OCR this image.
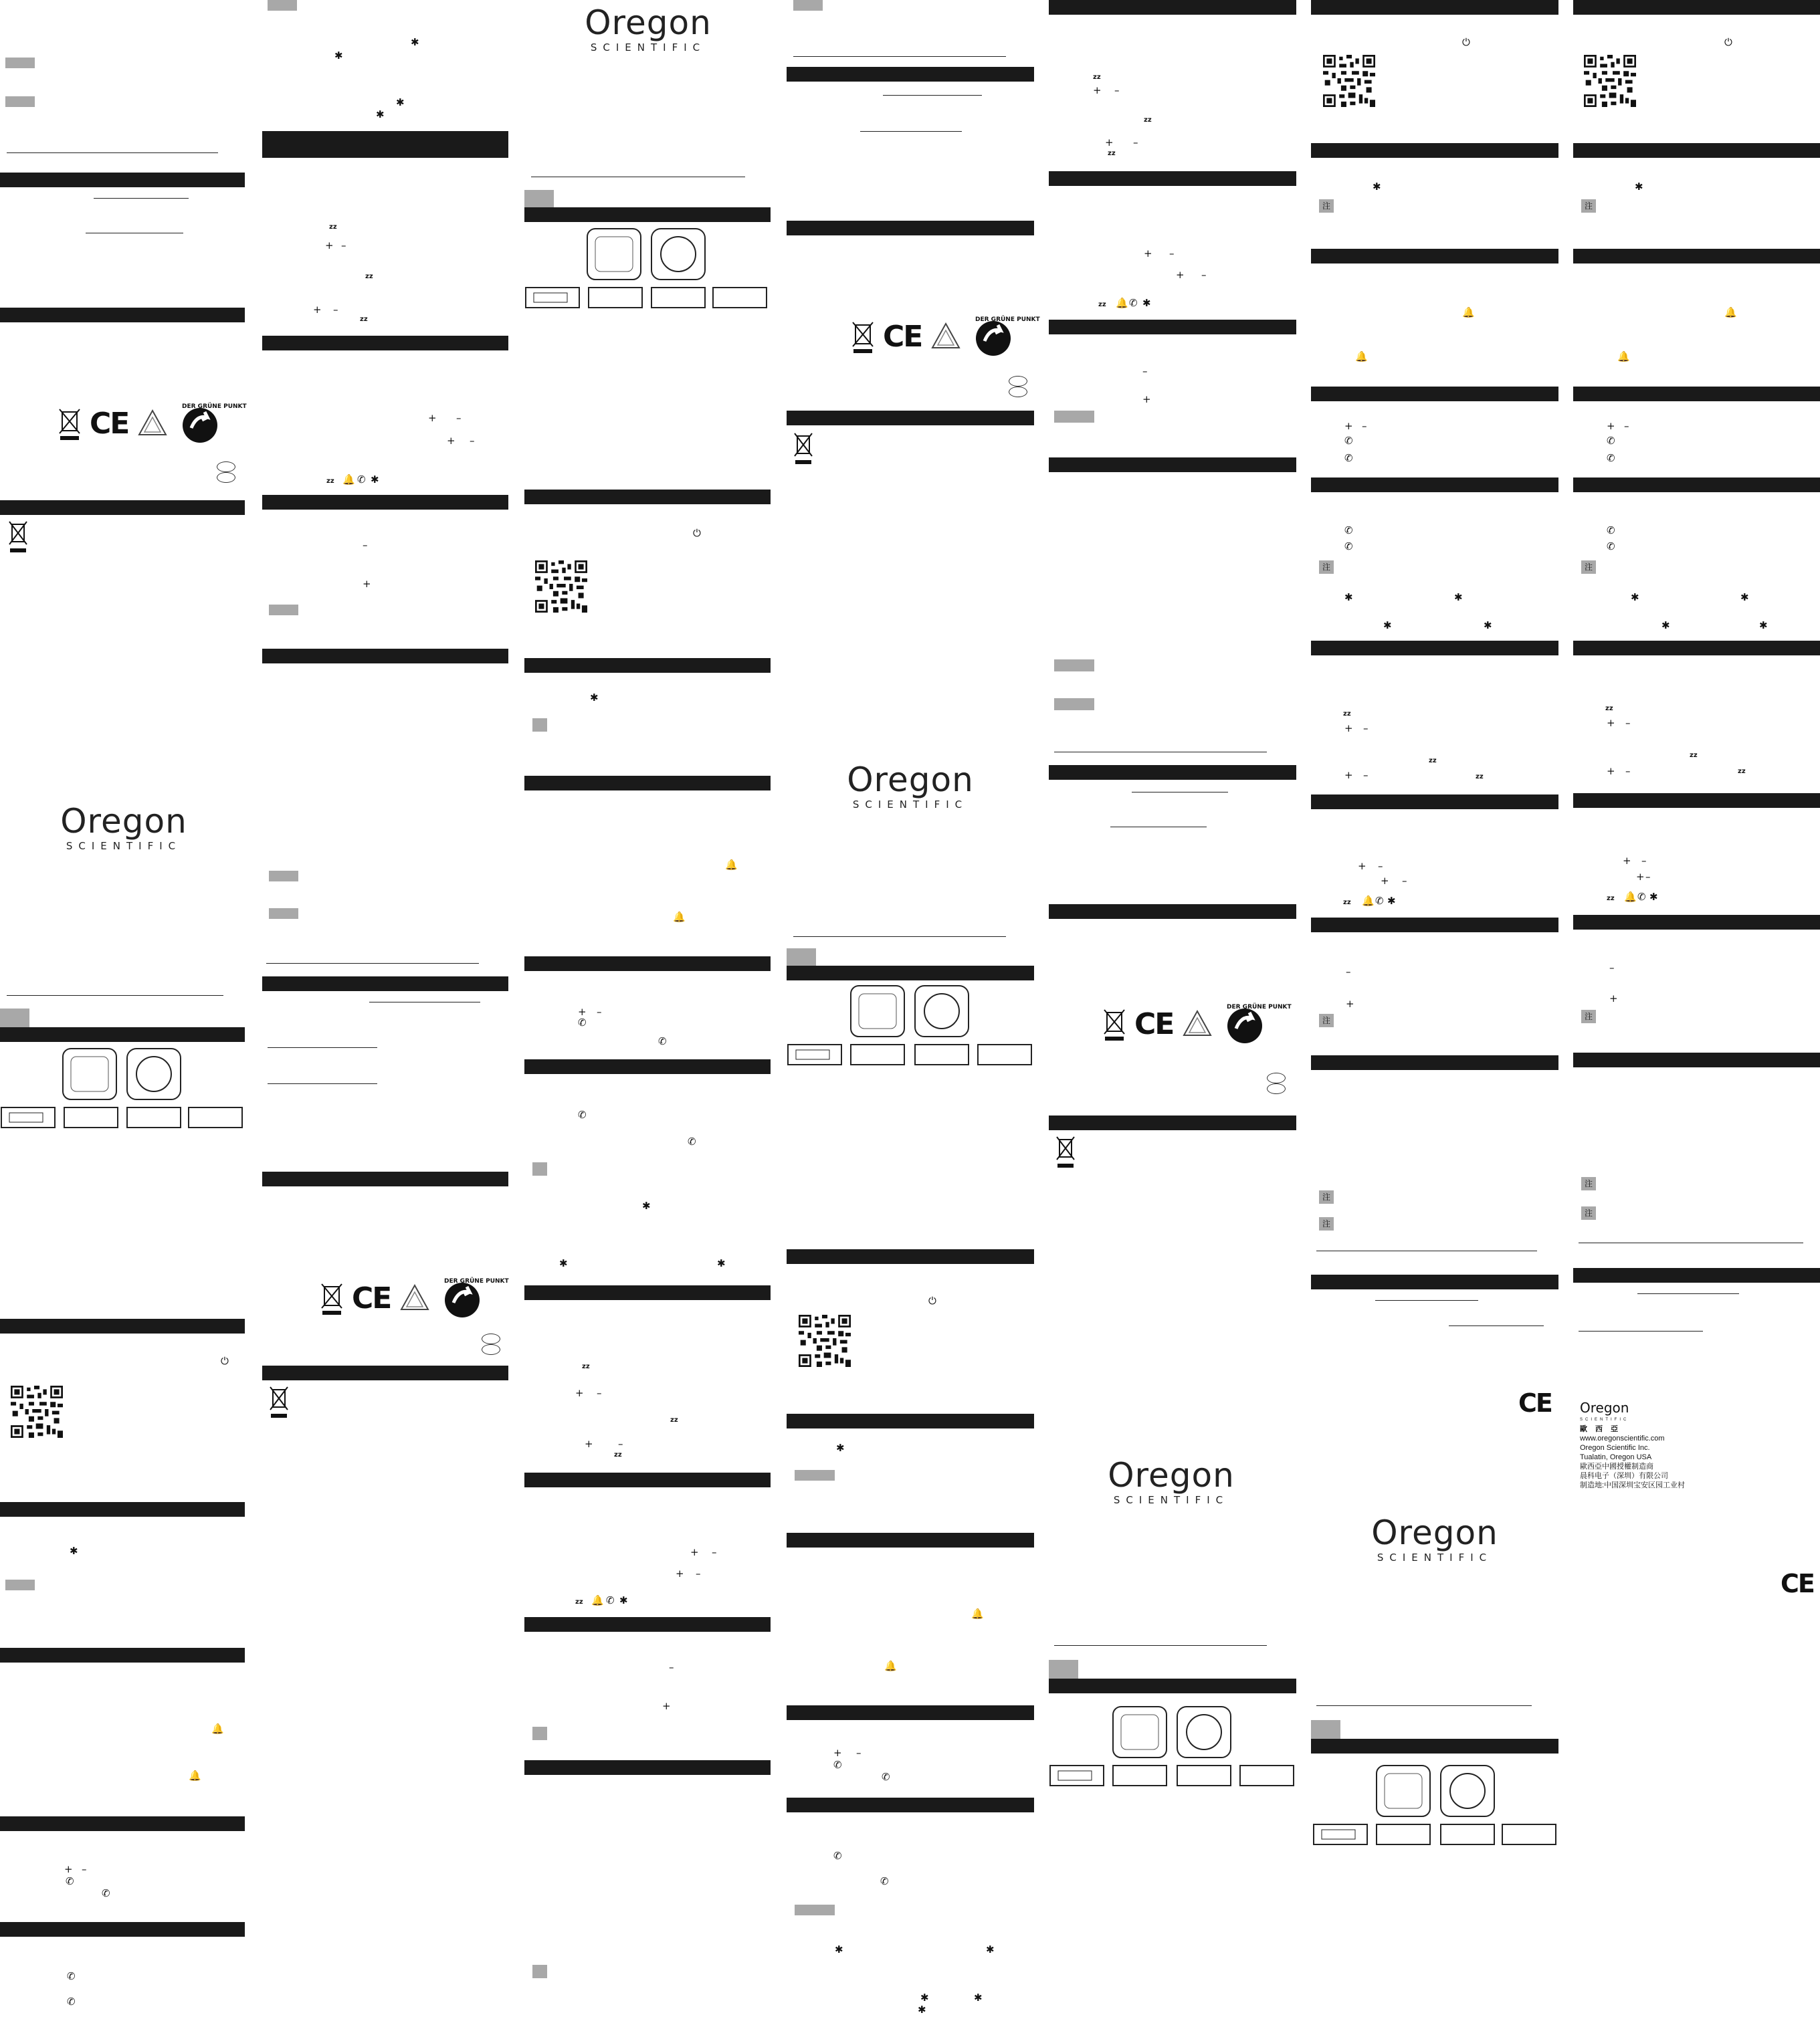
CE	DER GRÜNE PUNKT
Oregon
SCIENTIFIC
⏻
✱
🔔
🔔
+ –
✆
✆
✆
✆
✱
✱
✱
✱
zz
+ –
zz
+ –
zz
+ –
+ –
zz 🔔 ✆ ✱
–
+
CE	DER GRÜNE PUNKT
Oregon
SCIENTIFIC
⏻
✱
🔔
🔔
+ –
✆
✆
✆
✆
✱
✱	✱
zz
+ –
zz
+ –
zz
+ –
+ –
zz 🔔 ✆ ✱
–
+
CE	DER GRÜNE PUNKT
Oregon
SCIENTIFIC
⏻
✱
🔔
🔔
+ –
✆
✆
✆
✆
✱	✱
✱	✱
✱
zz
+ –
zz
+ –
zz
+ –
+ –
zz 🔔 ✆ ✱
–
+
CE	DER GRÜNE PUNKT
Oregon
SCIENTIFIC
⏻
✱
注
🔔
🔔
+ –
✆
✆
✆
✆
注
✱	✱
✱	✱
zz
+ –
zz
+ –	zz
+ –
+ –
zz 🔔 ✆ ✱
–
+
注
注
注
CE
Oregon
SCIENTIFIC
⏻
✱
注
🔔
🔔
+ –
✆
✆
✆
✆
注
✱	✱
✱	✱
zz
+ –
zz
+ –	zz
+ –
+ –
zz 🔔 ✆ ✱
–
+
注
注
注
Oregon
SCIENTIFIC
歐西亞
www.oregonscientific.com
Oregon Scientific Inc.
Tualatin, Oregon USA
歐西亞中國授權制造商
晨科电子（深圳）有限公司
制造地:中国深圳宝安区园工业村
CE
